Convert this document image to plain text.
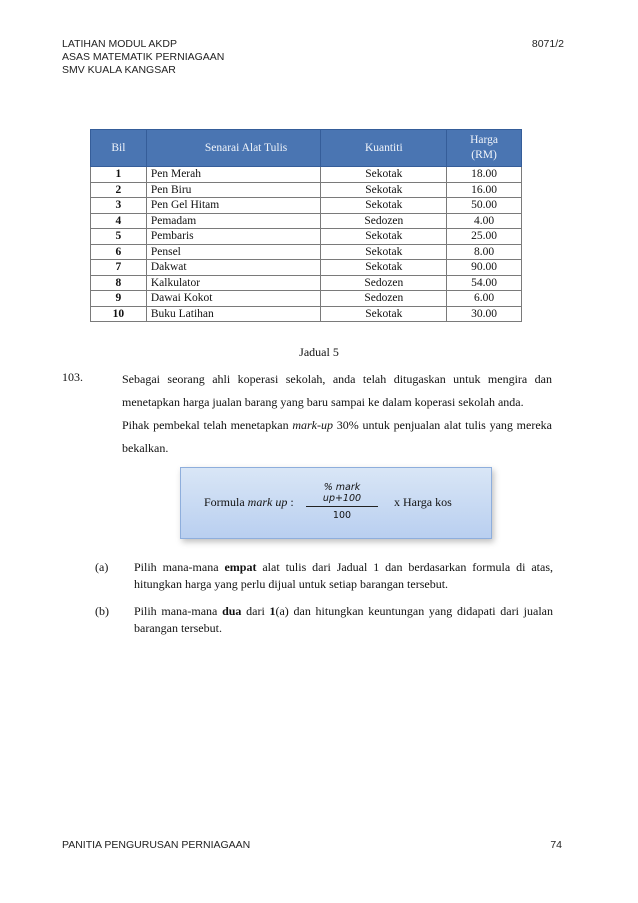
LATIHAN MODUL AKDP
ASAS MATEMATIK PERNIAGAAN
SMV KUALA KANGSAR
8071/2
Bil	Senarai Alat Tulis	Kuantiti	Harga
(RM)

1	Pen Merah	Sekotak	18.00
2	Pen Biru	Sekotak	16.00
3	Pen Gel Hitam	Sekotak	50.00
4	Pemadam	Sedozen	4.00
5	Pembaris	Sekotak	25.00
6	Pensel	Sekotak	8.00
7	Dakwat	Sekotak	90.00
8	Kalkulator	Sedozen	54.00
9	Dawai Kokot	Sedozen	6.00
10	Buku Latihan	Sekotak	30.00
Jadual 5
103.	Sebagai seorang ahli koperasi sekolah, anda telah ditugaskan untuk mengira dan menetapkan harga jualan barang yang baru sampai ke dalam koperasi sekolah anda.

Pihak pembekal telah menetapkan mark-up 30% untuk penjualan alat tulis yang mereka bekalkan.

Formula mark up :
% mark up+100
100
x Harga kos
(a) Pilih mana-mana empat alat tulis dari Jadual 1 dan berdasarkan formula di atas, hitungkan harga yang perlu dijual untuk setiap barangan tersebut.
(b) Pilih mana-mana dua dari 1(a) dan hitungkan keuntungan yang didapati dari jualan barangan tersebut.
PANITIA PENGURUSAN PERNIAGAAN	74
